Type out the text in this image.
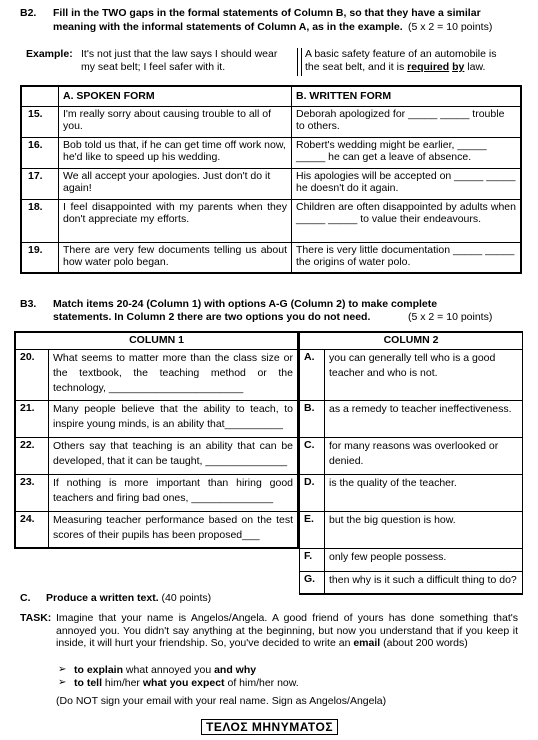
B2. Fill in the TWO gaps in the formal statements of Column B, so that they have a similar
meaning with the informal statements of Column A, as in the example. (5 x 2 = 10 points)
Example: It's not just that the law says I should wear
my seat belt; I feel safer with it.
A basic safety feature of an automobile is
the seat belt, and it is required by law.
	A. SPOKEN FORM	B. WRITTEN FORM
15.	I'm really sorry about causing trouble to all of you.	Deborah apologized for _____ _____ trouble to others.
16.	Bob told us that, if he can get time off work now, he'd like to speed up his wedding.	Robert's wedding might be earlier, _____ _____ he can get a leave of absence.
17.	We all accept your apologies. Just don't do it again!	His apologies will be accepted on _____ _____ he doesn't do it again.
18.	I feel disappointed with my parents when they don't appreciate my efforts.	Children are often disappointed by adults when _____ _____ to value their endeavours.
19.	There are very few documents telling us about how water polo began.	There is very little documentation _____ _____ the origins of water polo.
B3. Match items 20-24 (Column 1) with options A-G (Column 2) to make complete
statements. In Column 2 there are two options you do not need.	(5 x 2 = 10 points)
COLUMN 1	
20.	What seems to matter more than the class size or the textbook, the teaching method or the technology, _______________________
21.	Many people believe that the ability to teach, to inspire young minds, is an ability that__________
22.	Others say that teaching is an ability that can be developed, that it can be taught, ______________
23.	If nothing is more important than hiring good teachers and firing bad ones, ______________
24.	Measuring teacher performance based on the test scores of their pupils has been proposed___
COLUMN 2	
A.	you can generally tell who is a good teacher and who is not.
B.	as a remedy to teacher ineffectiveness.
C.	for many reasons was overlooked or denied.
D.	is the quality of the teacher.
E.	but the big question is how.
F.	only few people possess.
G.	then why is it such a difficult thing to do?
C. Produce a written text. (40 points)
TASK: Imagine that your name is Angelos/Angela. A good friend of yours has done something that's annoyed you. You didn't say anything at the beginning, but now you understand that if you keep it inside, it will hurt your friendship. So, you've decided to write an email (about 200 words)
➢ to explain what annoyed you and why
➢ to tell him/her what you expect of him/her now.
(Do NOT sign your email with your real name. Sign as Angelos/Angela)
ΤΕΛΟΣ ΜΗΝΥΜΑΤΟΣ
